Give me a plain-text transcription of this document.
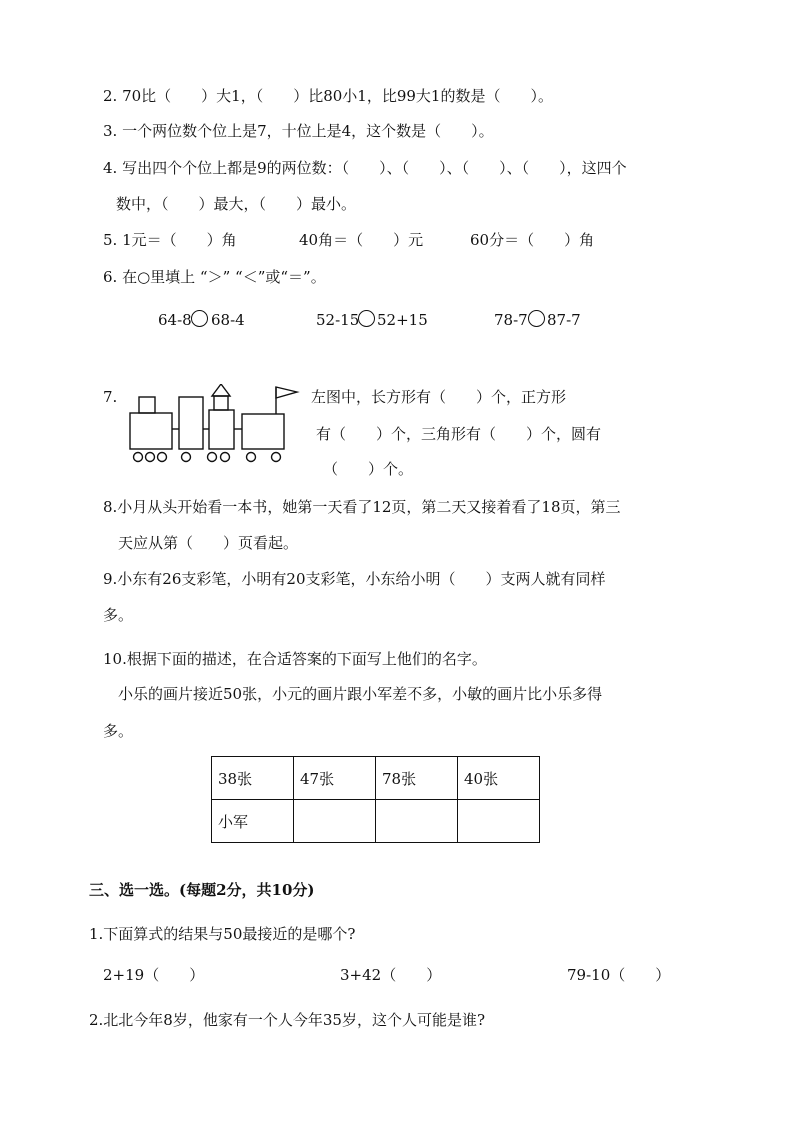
2. 70比（　　）大1，（　　）比80小1，比99大1的数是（　　）。
3. 一个两位数个位上是7，十位上是4，这个数是（　　）。
4. 写出四个个位上都是9的两位数：（　　）、（　　）、（　　）、（　　），这四个
数中，（　　）最大，（　　）最小。
5. 1元＝（　　）角	40角＝（　　）元	60分＝（　　）角
6. 在○里填上 “＞” “＜”或“＝”。
64-8 68-4	52-15 52+15	78-7 87-7
7.	左图中，长方形有（　　）个，正方形
有（　　）个，三角形有（　　）个，圆有
（　　）个。
8.小月从头开始看一本书，她第一天看了12页，第二天又接着看了18页，第三
天应从第（　　）页看起。
9.小东有26支彩笔，小明有20支彩笔，小东给小明（　　）支两人就有同样
多。
10.根据下面的描述，在合适答案的下面写上他们的名字。
小乐的画片接近50张，小元的画片跟小军差不多，小敏的画片比小乐多得
多。
38张	47张	78张	40张
小军			
三、选一选。(每题2分，共10分)
1.下面算式的结果与50最接近的是哪个?
2+19（　　）	3+42（　　）	79-10（　　）
2.北北今年8岁，他家有一个人今年35岁，这个人可能是谁?
